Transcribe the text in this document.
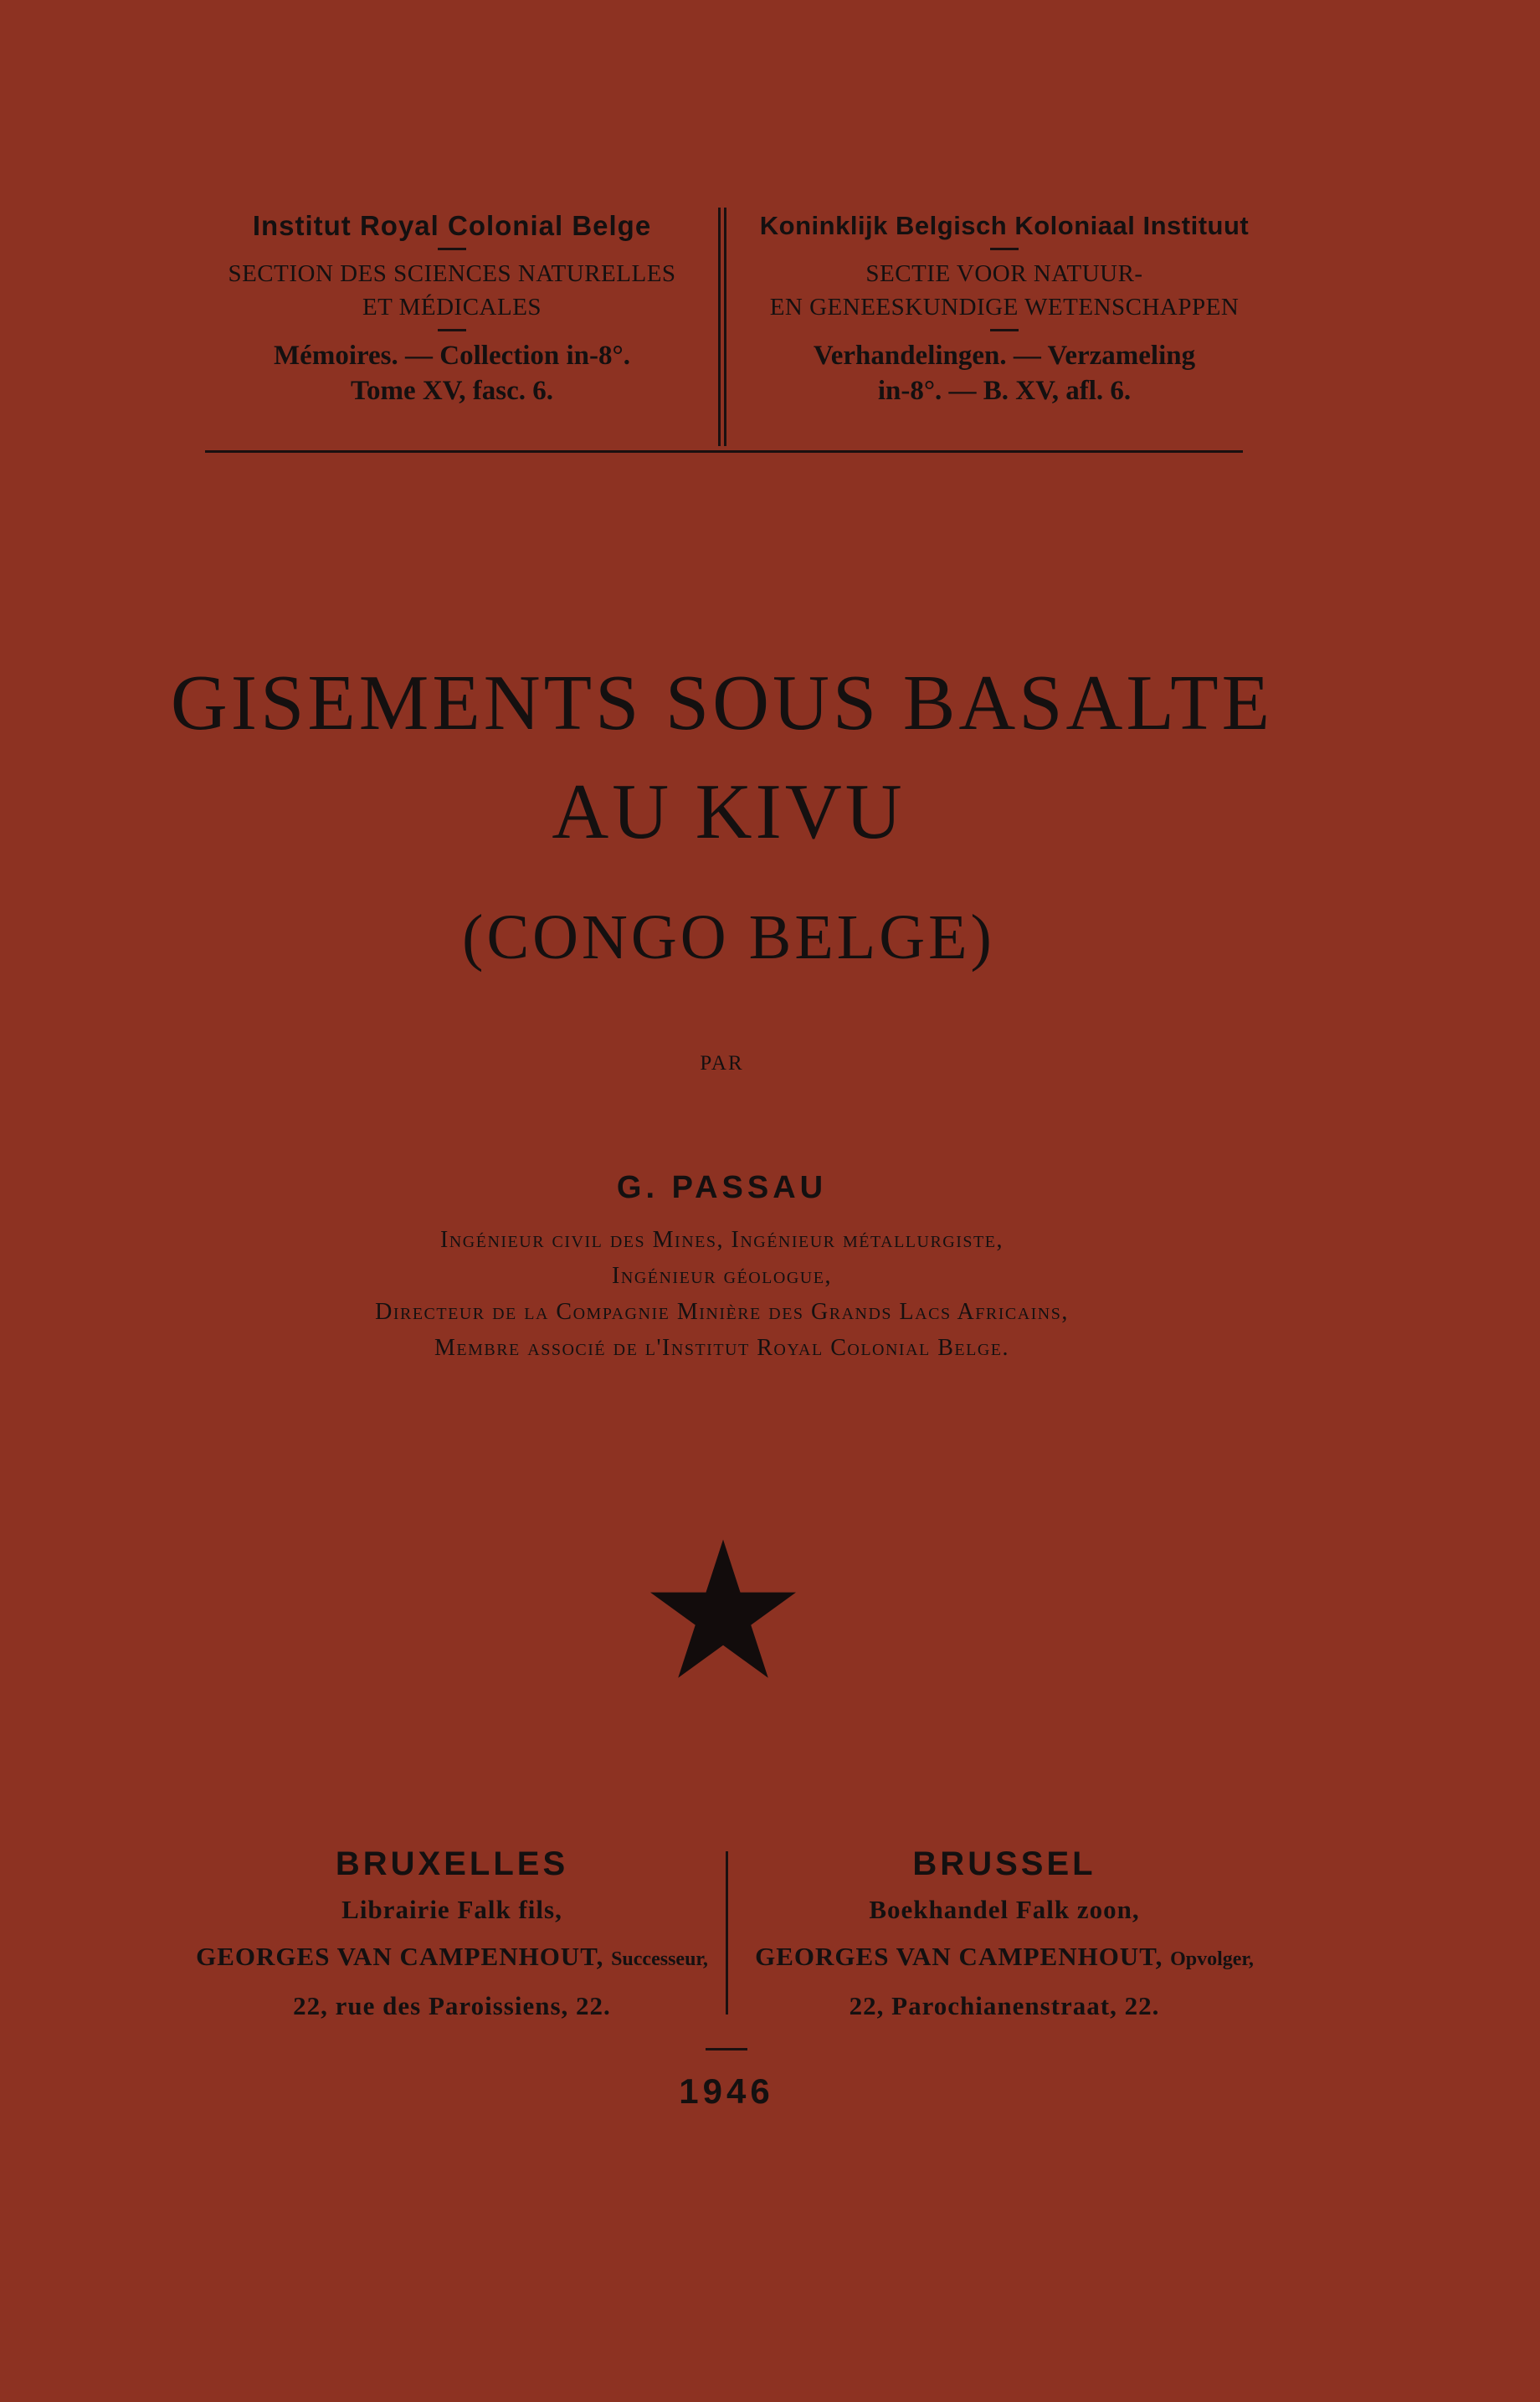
Institut Royal Colonial Belge
SECTION DES SCIENCES NATURELLES
ET MÉDICALES
Mémoires. — Collection in-8°.
Tome XV, fasc. 6.
Koninklijk Belgisch Koloniaal Instituut
SECTIE VOOR NATUUR-
EN GENEESKUNDIGE WETENSCHAPPEN
Verhandelingen. — Verzameling
in-8°. — B. XV, afl. 6.
GISEMENTS SOUS BASALTE
AU KIVU
(CONGO BELGE)
PAR
G. PASSAU
Ingénieur civil des Mines, Ingénieur métallurgiste,
Ingénieur géologue,
Directeur de la Compagnie Minière des Grands Lacs Africains,
Membre associé de l'Institut Royal Colonial Belge.
BRUXELLES
Librairie Falk fils,
GEORGES VAN CAMPENHOUT, Successeur,
22, rue des Paroissiens, 22.
BRUSSEL
Boekhandel Falk zoon,
GEORGES VAN CAMPENHOUT, Opvolger,
22, Parochianenstraat, 22.
1946
